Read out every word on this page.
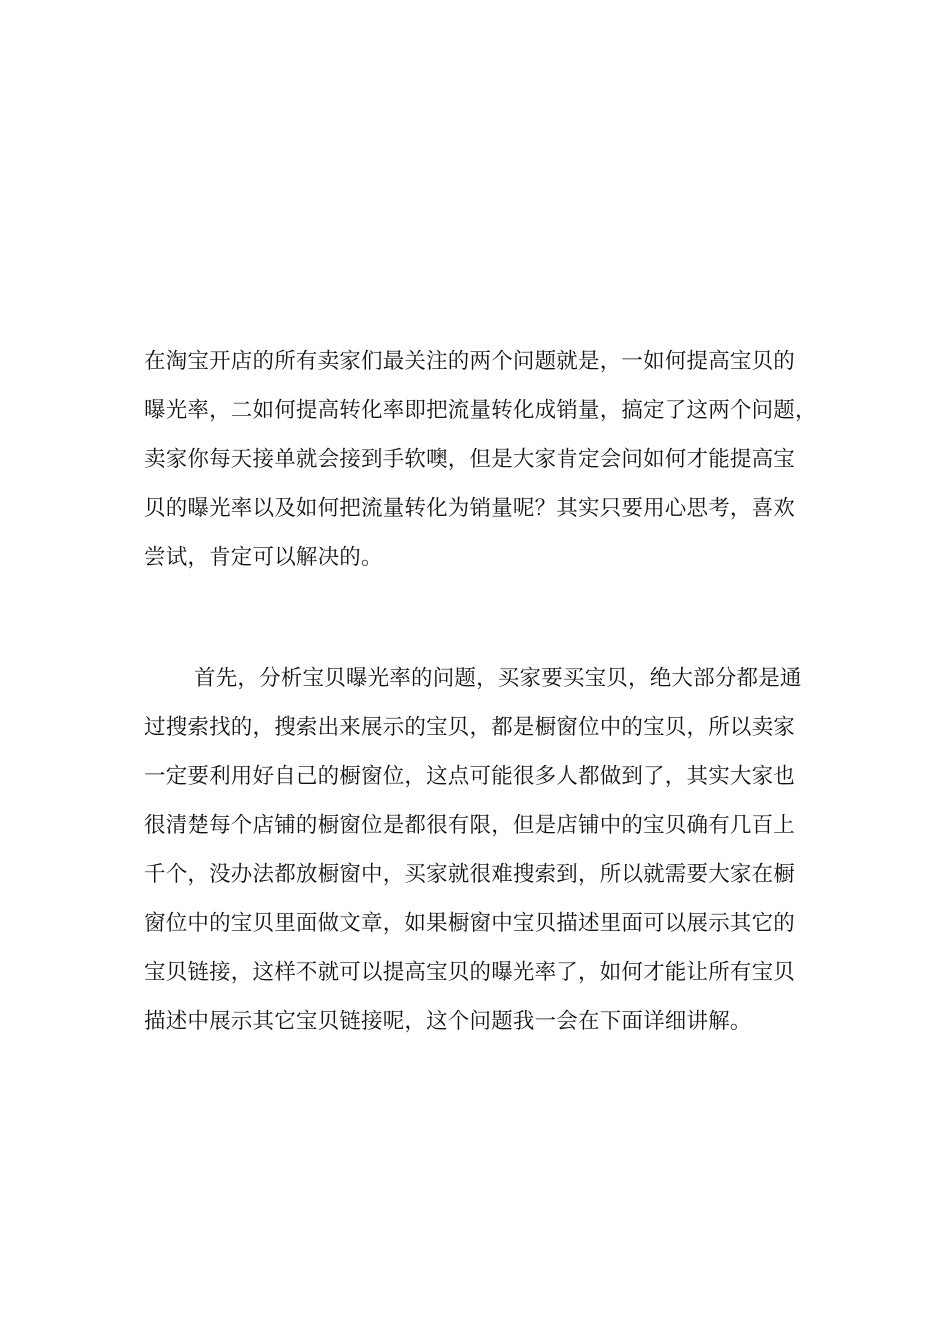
在淘宝开店的所有卖家们最关注的两个问题就是，一如何提高宝贝的
曝光率，二如何提高转化率即把流量转化成销量，搞定了这两个问题，
卖家你每天接单就会接到手软噢，但是大家肯定会问如何才能提高宝
贝的曝光率以及如何把流量转化为销量呢？其实只要用心思考，喜欢
尝试，肯定可以解决的。
首先，分析宝贝曝光率的问题，买家要买宝贝，绝大部分都是通
过搜索找的，搜索出来展示的宝贝，都是橱窗位中的宝贝，所以卖家
一定要利用好自己的橱窗位，这点可能很多人都做到了，其实大家也
很清楚每个店铺的橱窗位是都很有限，但是店铺中的宝贝确有几百上
千个，没办法都放橱窗中，买家就很难搜索到，所以就需要大家在橱
窗位中的宝贝里面做文章，如果橱窗中宝贝描述里面可以展示其它的
宝贝链接，这样不就可以提高宝贝的曝光率了，如何才能让所有宝贝
描述中展示其它宝贝链接呢，这个问题我一会在下面详细讲解。
